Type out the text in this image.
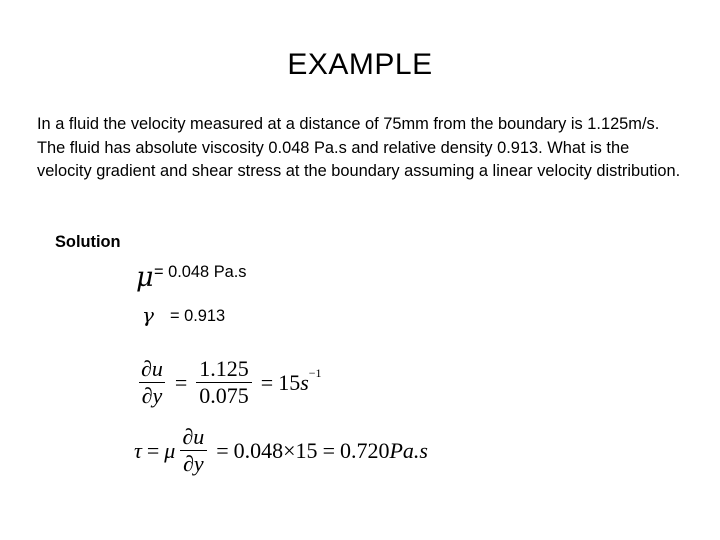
EXAMPLE

In a fluid the velocity measured at a distance of 75mm from the boundary is 1.125m/s. The fluid has absolute viscosity 0.048 Pa.s and relative density 0.913. What is the velocity gradient and shear stress at the boundary assuming a linear velocity distribution.

Solution
μ = 0.048 Pa.s
γ = 0.913
$\frac{\partial u}{\partial y} = \frac{1.125}{0.075} = 15$ s −1
τ = μ $\frac{\partial u}{\partial y} = 0.048\times 15 = 0.720$ Pa.s
